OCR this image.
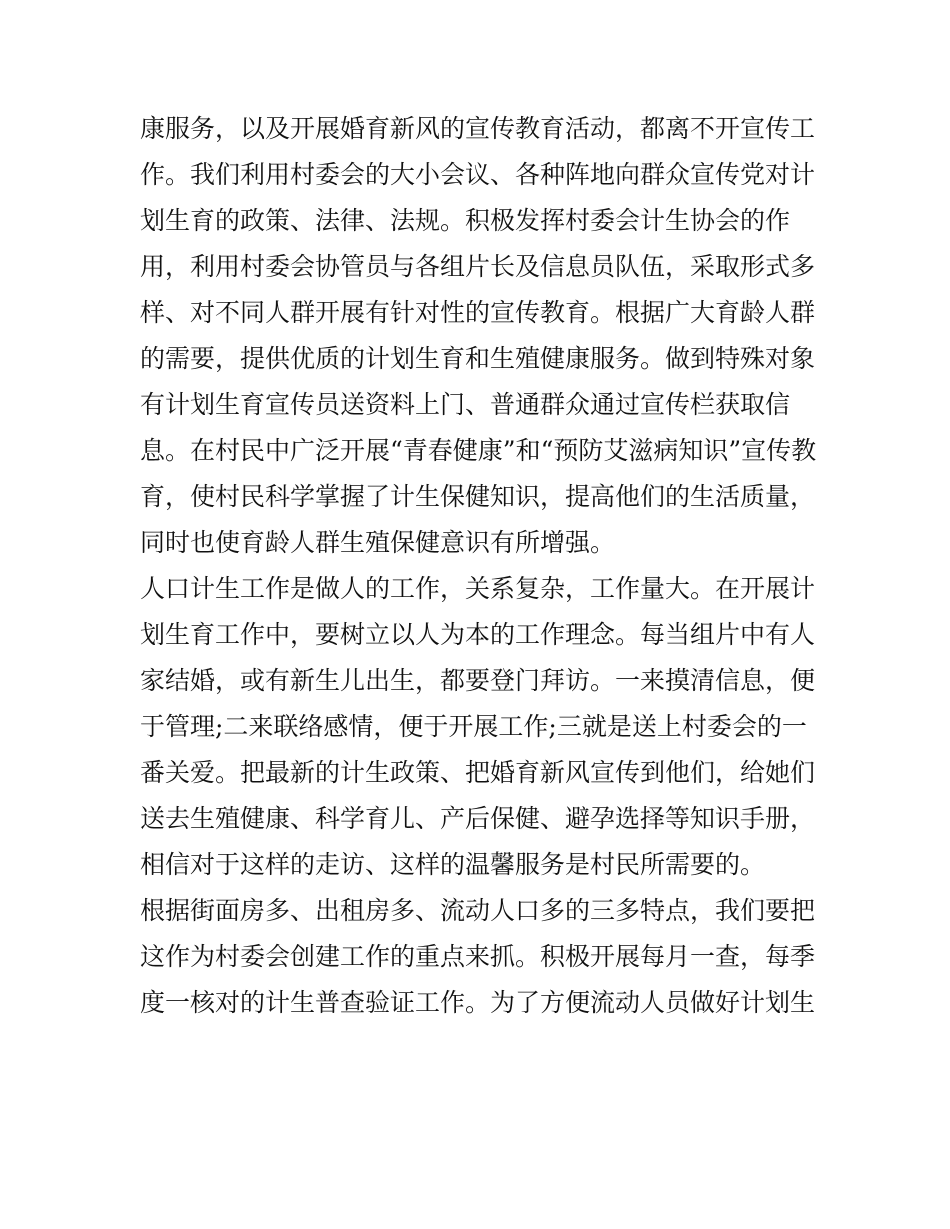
康服务，以及开展婚育新风的宣传教育活动，都离不开宣传工
作。我们利用村委会的大小会议、各种阵地向群众宣传党对计
划生育的政策、法律、法规。积极发挥村委会计生协会的作
用，利用村委会协管员与各组片长及信息员队伍，采取形式多
样、对不同人群开展有针对性的宣传教育。根据广大育龄人群
的需要，提供优质的计划生育和生殖健康服务。做到特殊对象
有计划生育宣传员送资料上门、普通群众通过宣传栏获取信
息。在村民中广泛开展“青春健康”和“预防艾滋病知识”宣传教
育，使村民科学掌握了计生保健知识，提高他们的生活质量，
同时也使育龄人群生殖保健意识有所增强。
人口计生工作是做人的工作，关系复杂，工作量大。在开展计
划生育工作中，要树立以人为本的工作理念。每当组片中有人
家结婚，或有新生儿出生，都要登门拜访。一来摸清信息，便
于管理;二来联络感情，便于开展工作;三就是送上村委会的一
番关爱。把最新的计生政策、把婚育新风宣传到他们，给她们
送去生殖健康、科学育儿、产后保健、避孕选择等知识手册，
相信对于这样的走访、这样的温馨服务是村民所需要的。
根据街面房多、出租房多、流动人口多的三多特点，我们要把
这作为村委会创建工作的重点来抓。积极开展每月一查，每季
度一核对的计生普查验证工作。为了方便流动人员做好计划生
